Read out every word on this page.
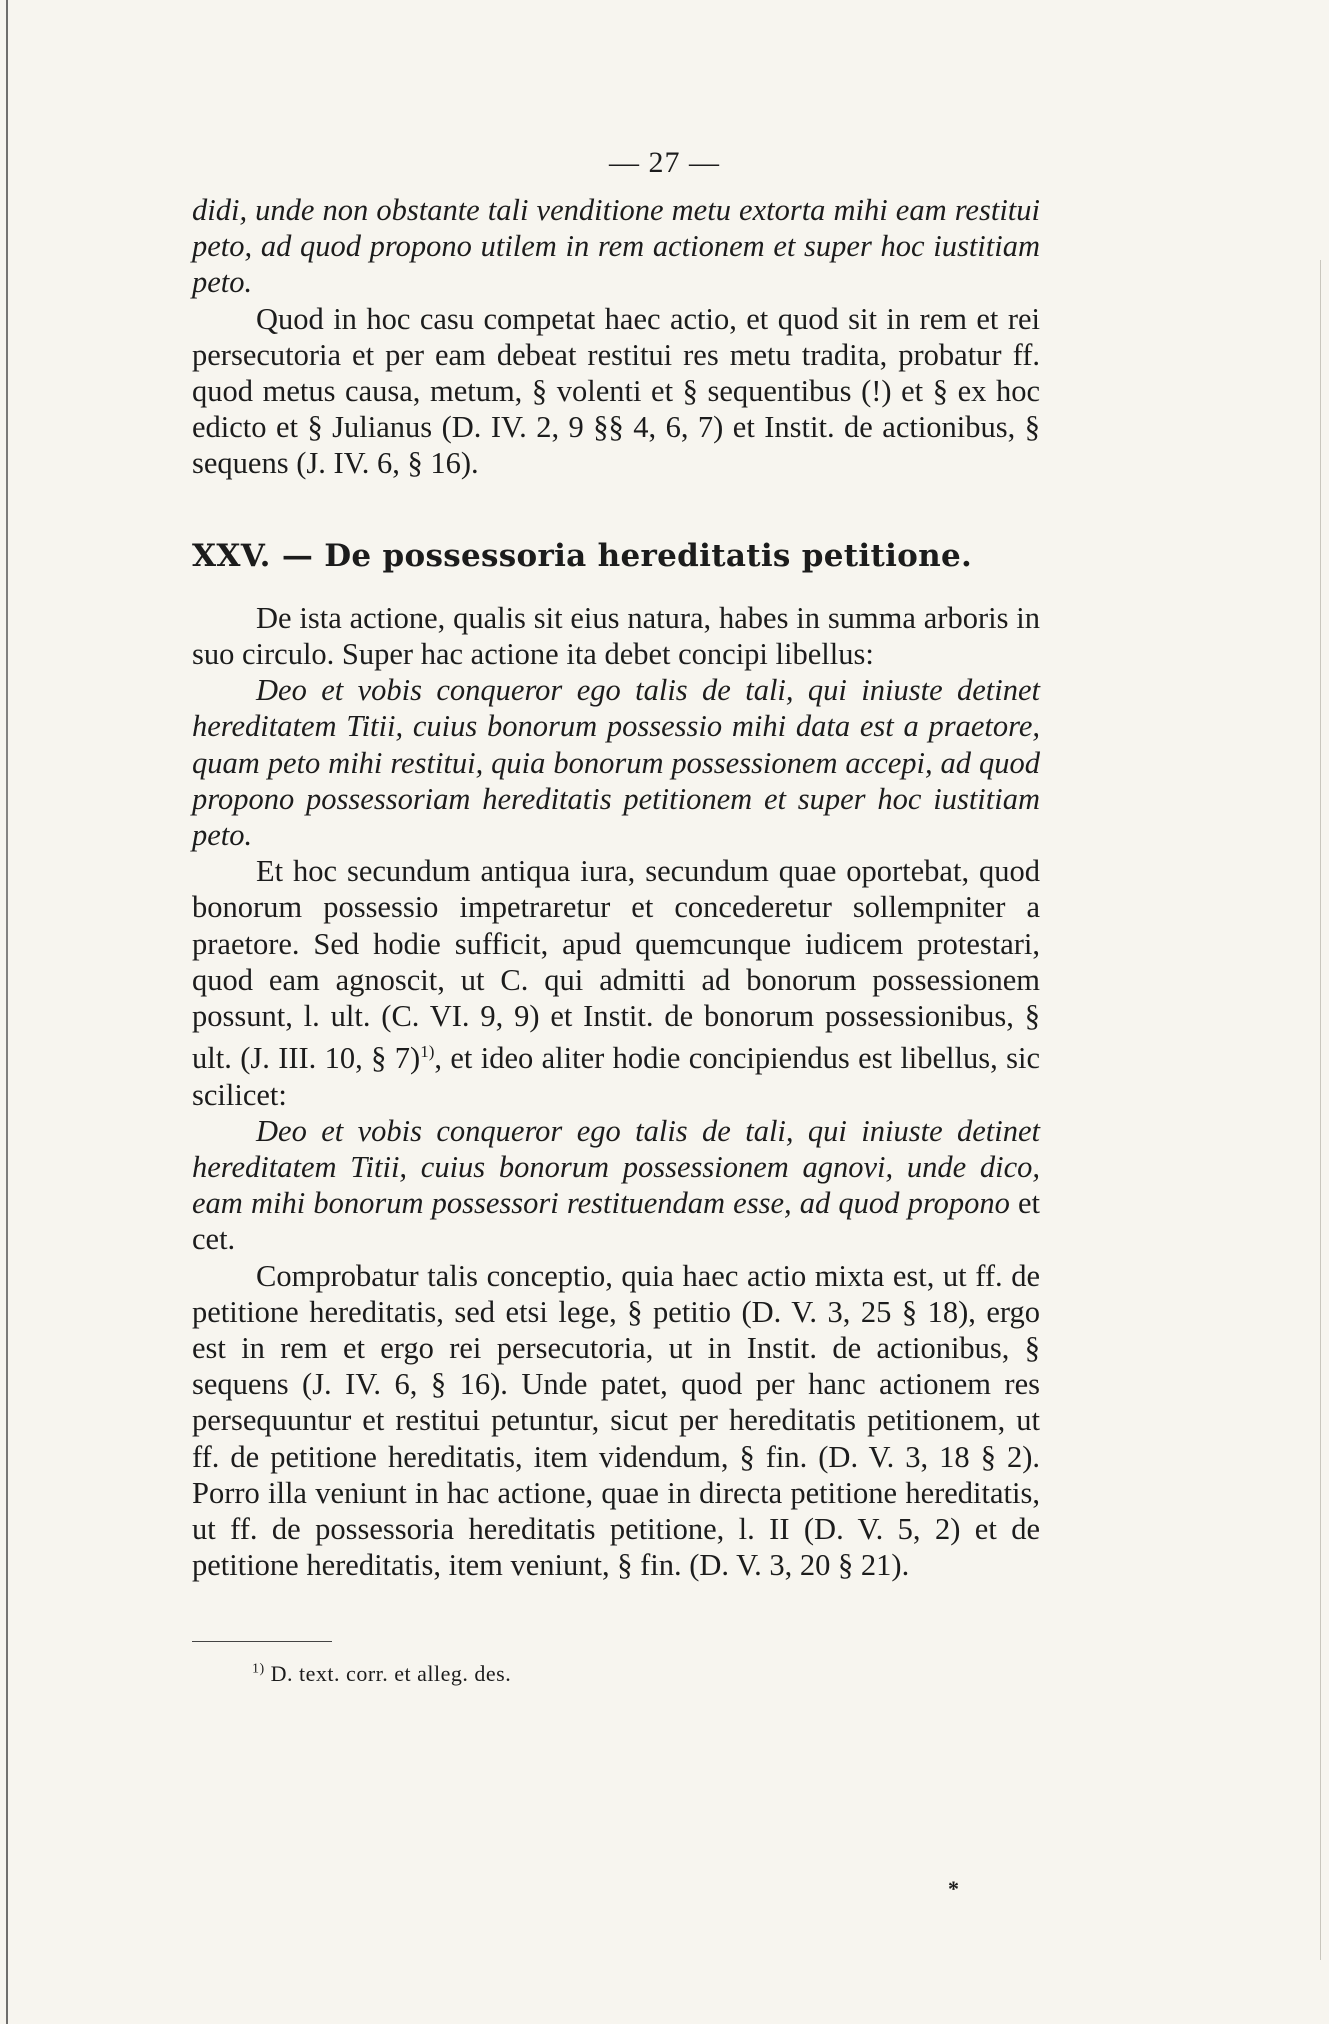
— 27 —

didi, unde non obstante tali venditione metu extorta mihi eam restitui peto, ad quod propono utilem in rem actionem et super hoc iustitiam peto.

Quod in hoc casu competat haec actio, et quod sit in rem et rei persecutoria et per eam debeat restitui res metu tradita, probatur ff. quod metus causa, metum, § volenti et § sequentibus (!) et § ex hoc edicto et § Julianus (D. IV. 2, 9 §§ 4, 6, 7) et Instit. de actionibus, § sequens (J. IV. 6, § 16).

XXV. — De possessoria hereditatis petitione.

De ista actione, qualis sit eius natura, habes in summa arboris in suo circulo. Super hac actione ita debet concipi libellus:

Deo et vobis conqueror ego talis de tali, qui iniuste detinet hereditatem Titii, cuius bonorum possessio mihi data est a praetore, quam peto mihi restitui, quia bonorum possessionem accepi, ad quod propono possessoriam hereditatis petitionem et super hoc iustitiam peto.

Et hoc secundum antiqua iura, secundum quae oportebat, quod bonorum possessio impetraretur et concederetur sollempniter a praetore. Sed hodie sufficit, apud quemcunque iudicem protestari, quod eam agnoscit, ut C. qui admitti ad bonorum possessionem possunt, l. ult. (C. VI. 9, 9) et Instit. de bonorum possessionibus, § ult. (J. III. 10, § 7)$^{1)}$, et ideo aliter hodie concipiendus est libellus, sic scilicet:

Deo et vobis conqueror ego talis de tali, qui iniuste detinet hereditatem Titii, cuius bonorum possessionem agnovi, unde dico, eam mihi bonorum possessori restituendam esse, ad quod propono et cet.

Comprobatur talis conceptio, quia haec actio mixta est, ut ff. de petitione hereditatis, sed etsi lege, § petitio (D. V. 3, 25 § 18), ergo est in rem et ergo rei persecutoria, ut in Instit. de actionibus, § sequens (J. IV. 6, § 16). Unde patet, quod per hanc actionem res persequuntur et restitui petuntur, sicut per hereditatis petitionem, ut ff. de petitione hereditatis, item videndum, § fin. (D. V. 3, 18 § 2). Porro illa veniunt in hac actione, quae in directa petitione hereditatis, ut ff. de possessoria hereditatis petitione, l. II (D. V. 5, 2) et de petitione hereditatis, item veniunt, § fin. (D. V. 3, 20 § 21).

$^{1)}$ D. text. corr. et alleg. des.
*
